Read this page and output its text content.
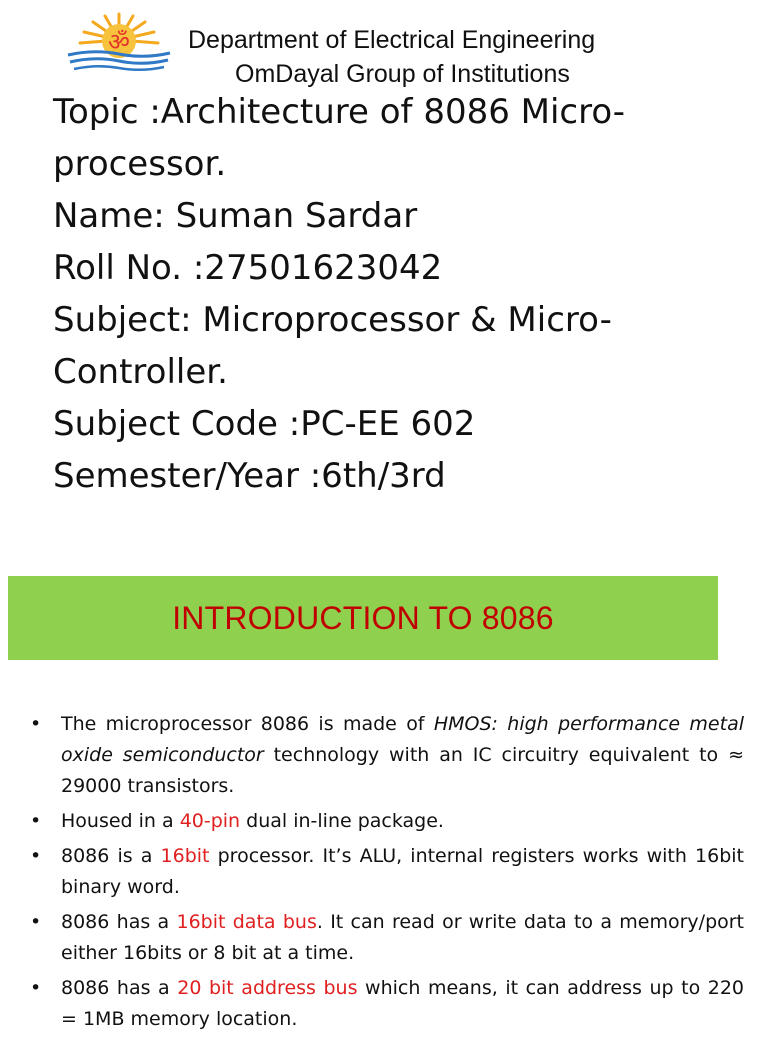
ॐ Department of Electrical Engineering
OmDayal Group of Institutions
Topic :Architecture of 8086 Micro-
processor.
Name: Suman Sardar
Roll No. :27501623042
Subject: Microprocessor & Micro-
Controller.
Subject Code :PC-EE 602
Semester/Year :6th/3rd
INTRODUCTION TO 8086
• The microprocessor 8086 is made of HMOS: high performance metal oxide semiconductor technology with an IC circuitry equivalent to ≈ 29000 transistors.
• Housed in a 40-pin dual in-line package.
• 8086 is a 16bit processor. It’s ALU, internal registers works with 16bit binary word.
• 8086 has a 16bit data bus. It can read or write data to a memory/port either 16bits or 8 bit at a time.
• 8086 has a 20 bit address bus which means, it can address up to 220 = 1MB memory location.
